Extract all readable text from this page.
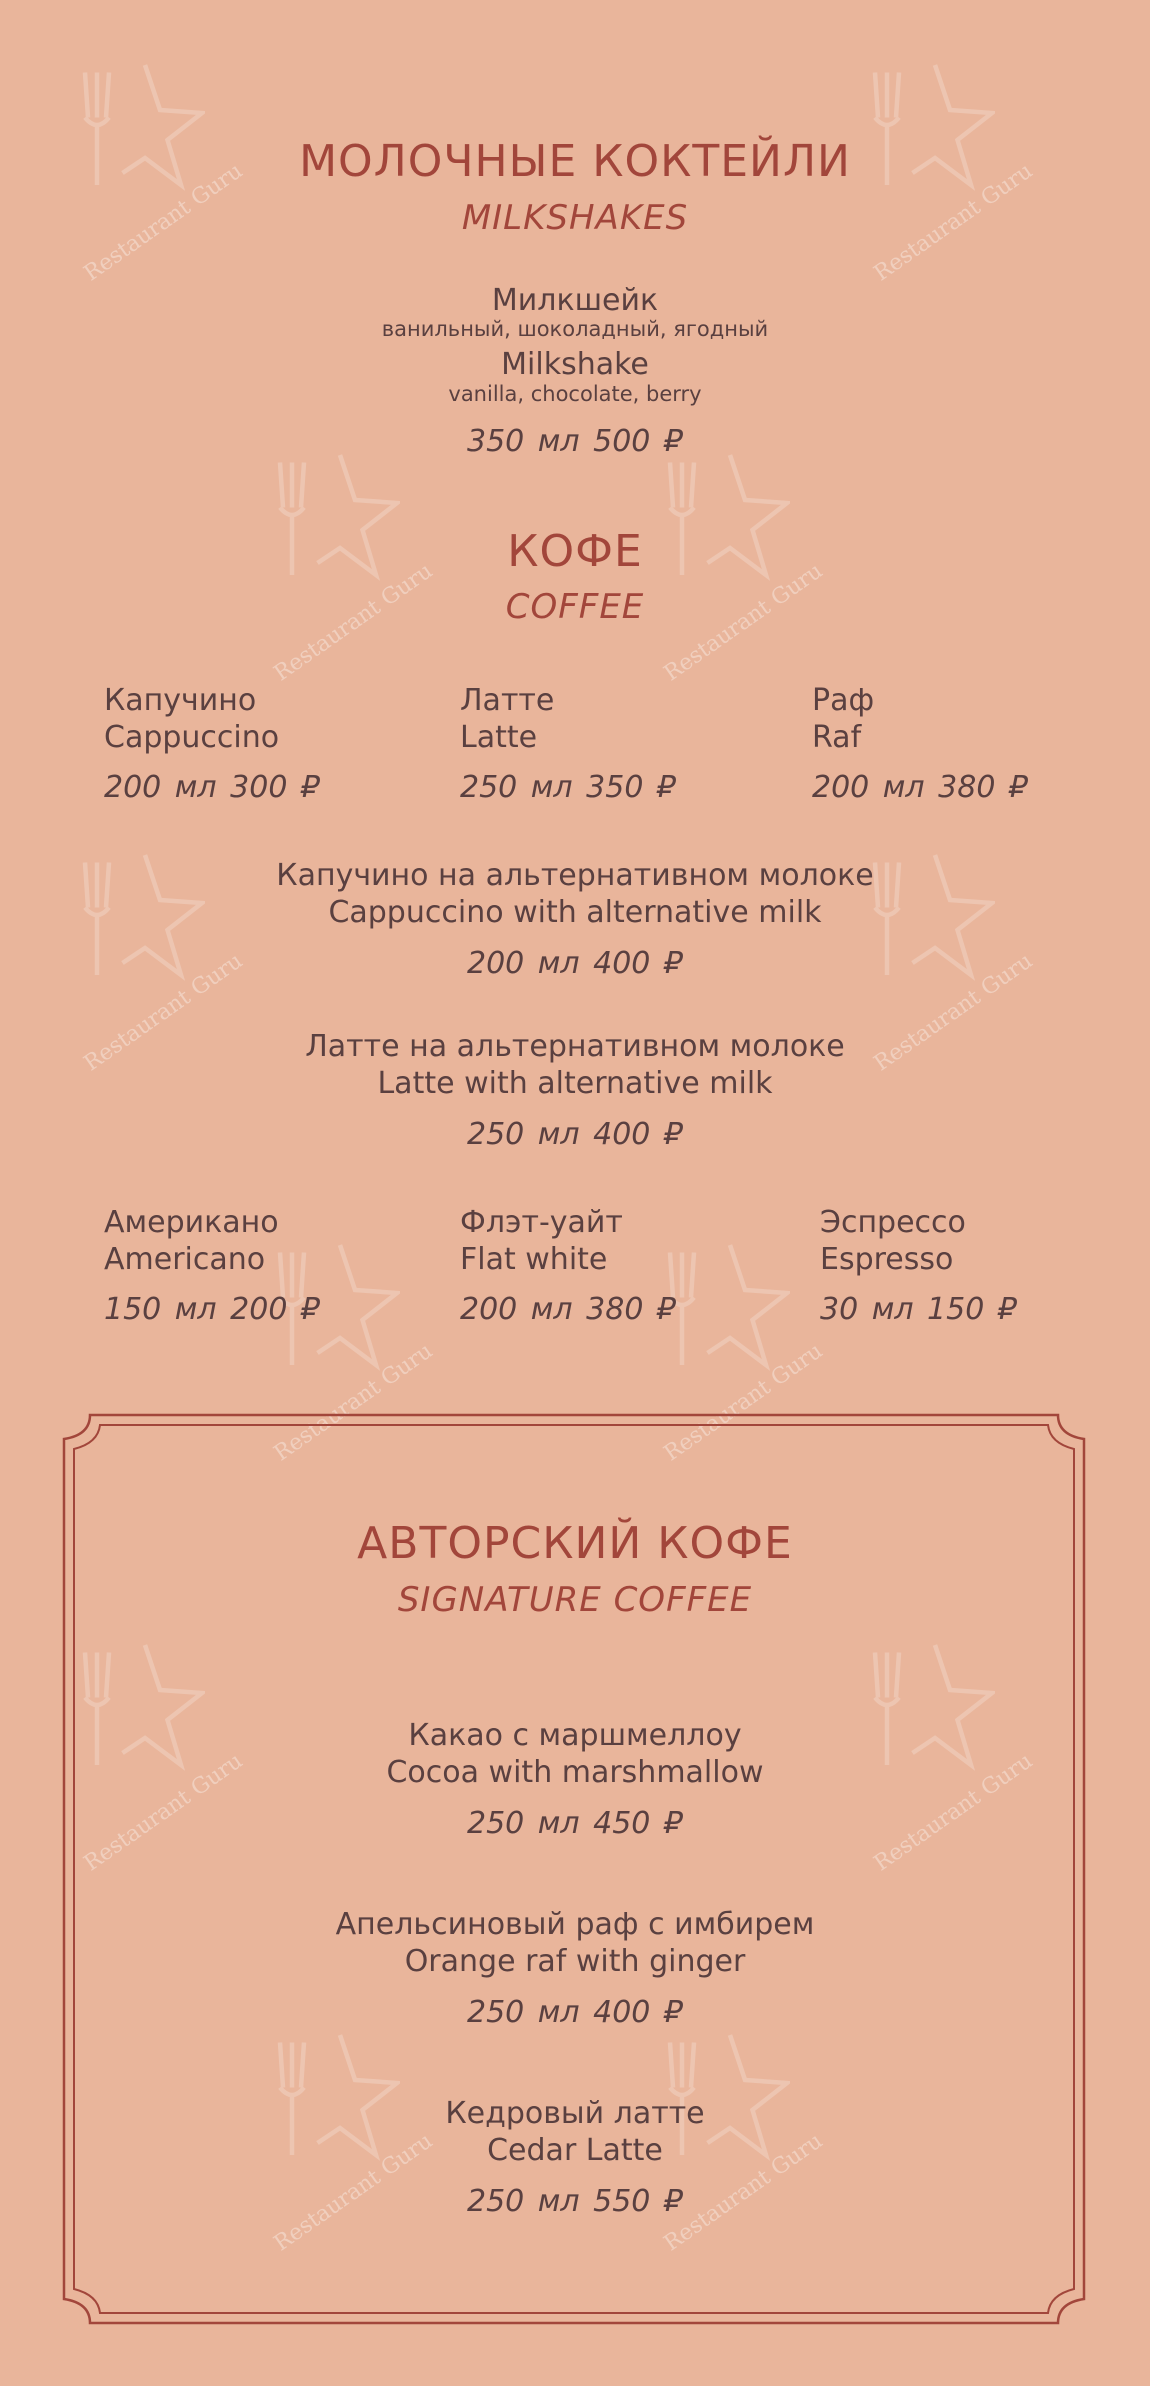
Restaurant Guru	Restaurant Guru
Restaurant Guru	Restaurant Guru
Restaurant Guru	Restaurant Guru
Restaurant Guru	Restaurant Guru
Restaurant Guru	Restaurant Guru
Restaurant Guru	Restaurant Guru
МОЛОЧНЫЕ КОКТЕЙЛИ
MILKSHAKES
Милкшейк
ванильный, шоколадный, ягодный
Milkshake
vanilla, chocolate, berry
350 мл 500 ₽
КОФЕ
COFFEE
Капучино
Cappuccino
200 мл 300 ₽
Латте
Latte
250 мл 350 ₽
Раф
Raf
200 мл 380 ₽
Капучино на альтернативном молоке
Cappuccino with alternative milk
200 мл 400 ₽
Латте на альтернативном молоке
Latte with alternative milk
250 мл 400 ₽
Американо
Americano
150 мл 200 ₽
Флэт-уайт
Flat white
200 мл 380 ₽
Эспрессо
Espresso
30 мл 150 ₽
АВТОРСКИЙ КОФЕ
SIGNATURE COFFEE
Какао с маршмеллоу
Cocoa with marshmallow
250 мл 450 ₽
Апельсиновый раф с имбирем
Orange raf with ginger
250 мл 400 ₽
Кедровый латте
Cedar Latte
250 мл 550 ₽
